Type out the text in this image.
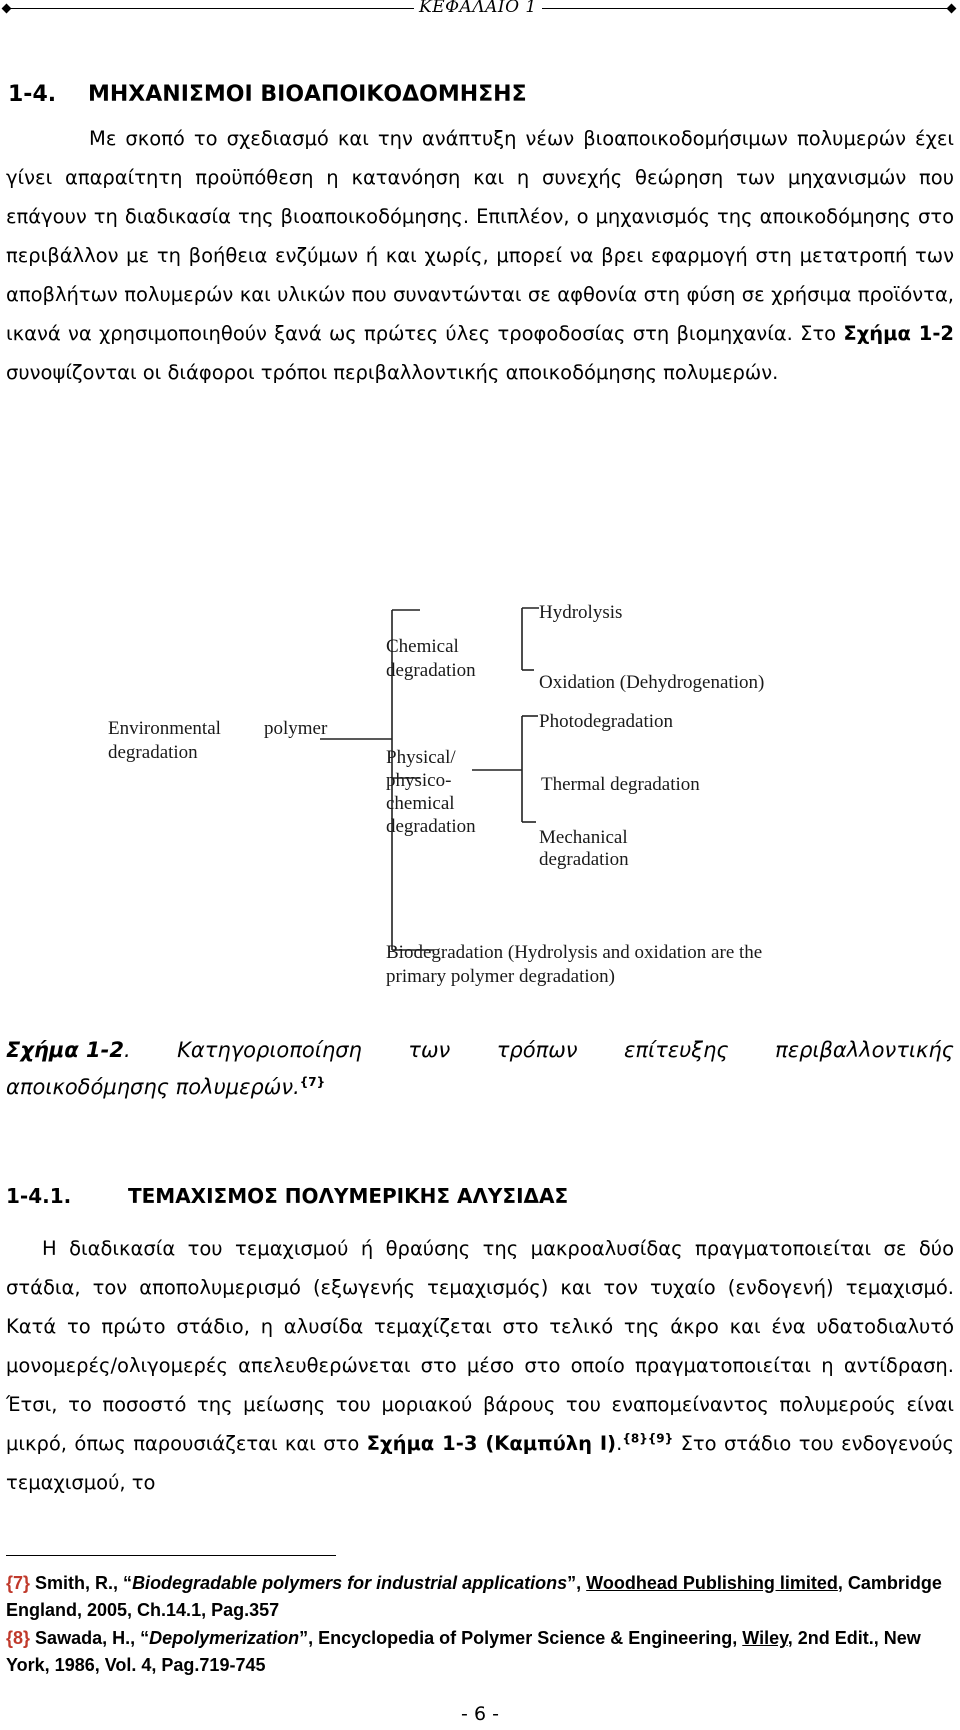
ΚΕΦΑΛΑΙΟ 1
1-4. ΜΗΧΑΝΙΣΜΟΙ ΒΙΟΑΠΟΙΚΟΔΟΜΗΣΗΣ

Με σκοπό το σχεδιασμό και την ανάπτυξη νέων βιοαποικοδομήσιμων πολυμερών έχει γίνει απαραίτητη προϋπόθεση η κατανόηση και η συνεχής θεώρηση των μηχανισμών που επάγουν τη διαδικασία της βιοαποικοδόμησης. Επιπλέον, ο μηχανισμός της αποικοδόμησης στο περιβάλλον με τη βοήθεια ενζύμων ή και χωρίς, μπορεί να βρει εφαρμογή στη μετατροπή των αποβλήτων πολυμερών και υλικών που συναντώνται σε αφθονία στη φύση σε χρήσιμα προϊόντα, ικανά να χρησιμοποιηθούν ξανά ως πρώτες ύλες τροφοδοσίας στη βιομηχανία. Στο Σχήμα 1-2 συνοψίζονται οι διάφοροι τρόποι περιβαλλοντικής αποικοδόμησης πολυμερών.

Environmental polymer
degradation
Chemical
degradation
Hydrolysis
Oxidation (Dehydrogenation)
Physical/
physico-
chemical
degradation
Photodegradation
Thermal degradation
Mechanical
degradation
Biodegradation (Hydrolysis and oxidation are the
primary polymer degradation)
Σχήμα 1-2. Κατηγοριοποίηση των τρόπων επίτευξης περιβαλλοντικής
αποικοδόμησης πολυμερών.$^{\{7\}}$
1-4.1.	ΤΕΜΑΧΙΣΜΟΣ ΠΟΛΥΜΕΡΙΚΗΣ ΑΛΥΣΙΔΑΣ

Η διαδικασία του τεμαχισμού ή θραύσης της μακροαλυσίδας πραγματοποιείται σε δύο στάδια, τον αποπολυμερισμό (εξωγενής τεμαχισμός) και τον τυχαίο (ενδογενή) τεμαχισμό. Κατά το πρώτο στάδιο, η αλυσίδα τεμαχίζεται στο τελικό της άκρο και ένα υδατοδιαλυτό μονομερές/ολιγομερές απελευθερώνεται στο μέσο στο οποίο πραγματοποιείται η αντίδραση. Έτσι, το ποσοστό της μείωσης του μοριακού βάρους του εναπομείναντος πολυμερούς είναι μικρό, όπως παρουσιάζεται και στο Σχήμα 1-3 (Καμπύλη Ι).$^{\{8\}\{9\}}$ Στο στάδιο του ενδογενούς τεμαχισμού, το

{7} Smith, R., “Biodegradable polymers for industrial applications”, Woodhead Publishing limited, Cambridge England, 2005, Ch.14.1, Pag.357
{8} Sawada, H., “Depolymerization”, Encyclopedia of Polymer Science & Engineering, Wiley, 2nd Edit., New York, 1986, Vol. 4, Pag.719-745
- 6 -
